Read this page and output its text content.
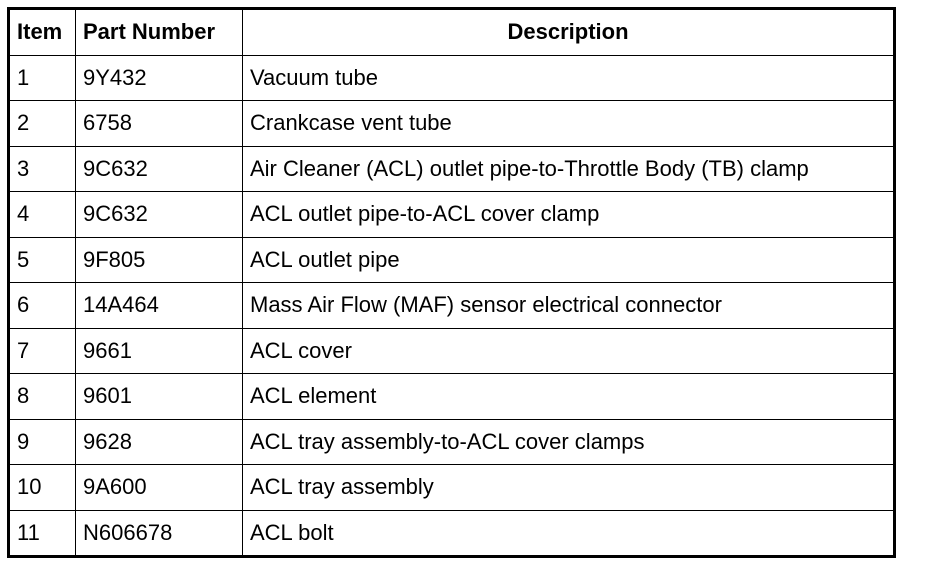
Item	Part Number	Description
1	9Y432	Vacuum tube
2	6758	Crankcase vent tube
3	9C632	Air Cleaner (ACL) outlet pipe-to-Throttle Body (TB) clamp
4	9C632	ACL outlet pipe-to-ACL cover clamp
5	9F805	ACL outlet pipe
6	14A464	Mass Air Flow (MAF) sensor electrical connector
7	9661	ACL cover
8	9601	ACL element
9	9628	ACL tray assembly-to-ACL cover clamps
10	9A600	ACL tray assembly
11	N606678	ACL bolt
